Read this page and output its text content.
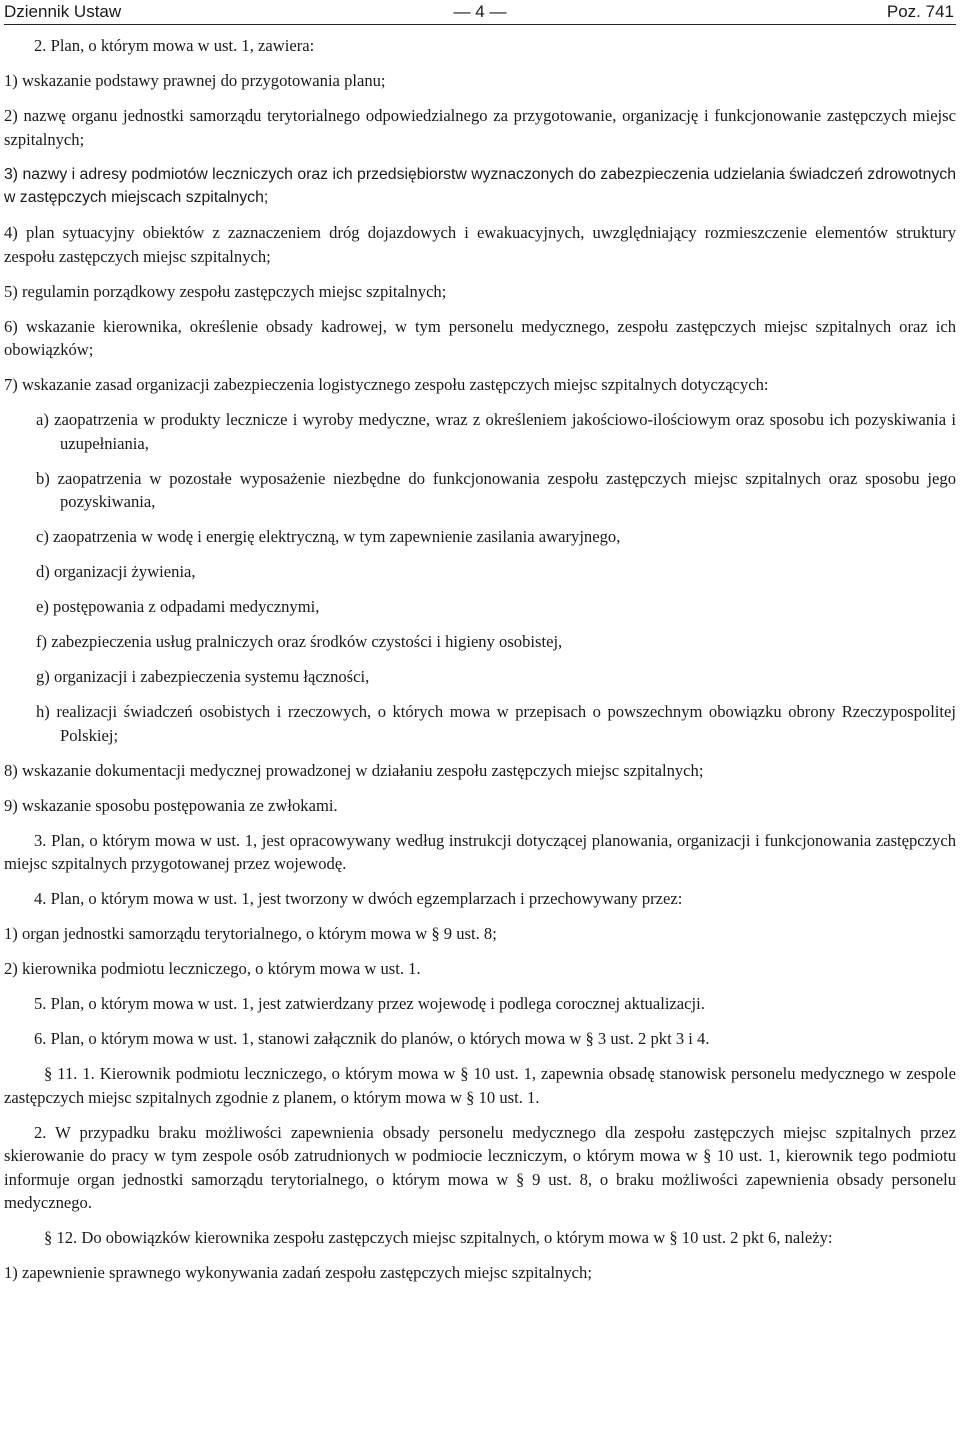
Dziennik Ustaw	— 4 —	Poz. 741

2. Plan, o którym mowa w ust. 1, zawiera:

1) wskazanie podstawy prawnej do przygotowania planu;

2) nazwę organu jednostki samorządu terytorialnego odpowiedzialnego za przygotowanie, organizację i funkcjonowanie zastępczych miejsc szpitalnych;

3) nazwy i adresy podmiotów leczniczych oraz ich przedsiębiorstw wyznaczonych do zabezpieczenia udzielania świadczeń zdrowotnych w zastępczych miejscach szpitalnych;

4) plan sytuacyjny obiektów z zaznaczeniem dróg dojazdowych i ewakuacyjnych, uwzględniający rozmieszczenie elementów struktury zespołu zastępczych miejsc szpitalnych;

5) regulamin porządkowy zespołu zastępczych miejsc szpitalnych;

6) wskazanie kierownika, określenie obsady kadrowej, w tym personelu medycznego, zespołu zastępczych miejsc szpitalnych oraz ich obowiązków;

7) wskazanie zasad organizacji zabezpieczenia logistycznego zespołu zastępczych miejsc szpitalnych dotyczących:

a) zaopatrzenia w produkty lecznicze i wyroby medyczne, wraz z określeniem jakościowo-ilościowym oraz sposobu ich pozyskiwania i uzupełniania,

b) zaopatrzenia w pozostałe wyposażenie niezbędne do funkcjonowania zespołu zastępczych miejsc szpitalnych oraz sposobu jego pozyskiwania,

c) zaopatrzenia w wodę i energię elektryczną, w tym zapewnienie zasilania awaryjnego,

d) organizacji żywienia,

e) postępowania z odpadami medycznymi,

f) zabezpieczenia usług pralniczych oraz środków czystości i higieny osobistej,

g) organizacji i zabezpieczenia systemu łączności,

h) realizacji świadczeń osobistych i rzeczowych, o których mowa w przepisach o powszechnym obowiązku obrony Rzeczypospolitej Polskiej;

8) wskazanie dokumentacji medycznej prowadzonej w działaniu zespołu zastępczych miejsc szpitalnych;

9) wskazanie sposobu postępowania ze zwłokami.

3. Plan, o którym mowa w ust. 1, jest opracowywany według instrukcji dotyczącej planowania, organizacji i funkcjonowania zastępczych miejsc szpitalnych przygotowanej przez wojewodę.

4. Plan, o którym mowa w ust. 1, jest tworzony w dwóch egzemplarzach i przechowywany przez:

1) organ jednostki samorządu terytorialnego, o którym mowa w § 9 ust. 8;

2) kierownika podmiotu leczniczego, o którym mowa w ust. 1.

5. Plan, o którym mowa w ust. 1, jest zatwierdzany przez wojewodę i podlega corocznej aktualizacji.

6. Plan, o którym mowa w ust. 1, stanowi załącznik do planów, o których mowa w § 3 ust. 2 pkt 3 i 4.

§ 11. 1. Kierownik podmiotu leczniczego, o którym mowa w § 10 ust. 1, zapewnia obsadę stanowisk personelu medycznego w zespole zastępczych miejsc szpitalnych zgodnie z planem, o którym mowa w § 10 ust. 1.

2. W przypadku braku możliwości zapewnienia obsady personelu medycznego dla zespołu zastępczych miejsc szpitalnych przez skierowanie do pracy w tym zespole osób zatrudnionych w podmiocie leczniczym, o którym mowa w § 10 ust. 1, kierownik tego podmiotu informuje organ jednostki samorządu terytorialnego, o którym mowa w § 9 ust. 8, o braku możliwości zapewnienia obsady personelu medycznego.

§ 12. Do obowiązków kierownika zespołu zastępczych miejsc szpitalnych, o którym mowa w § 10 ust. 2 pkt 6, należy:

1) zapewnienie sprawnego wykonywania zadań zespołu zastępczych miejsc szpitalnych;
